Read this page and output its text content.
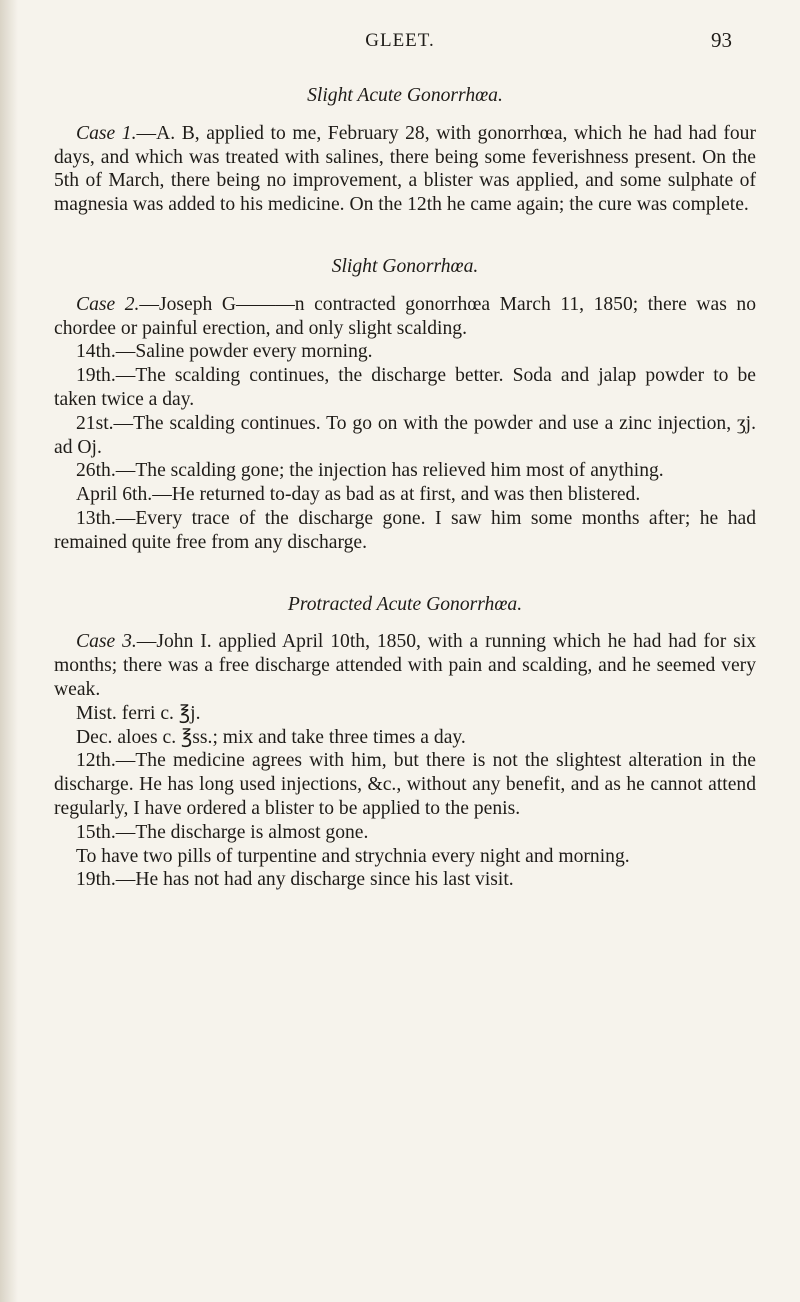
GLEET.	93

Slight Acute Gonorrhœa.

Case 1.—A. B, applied to me, February 28, with gonorrhœa, which he had had four days, and which was treated with salines, there being some feverishness present. On the 5th of March, there being no improvement, a blister was applied, and some sulphate of magnesia was added to his medicine. On the 12th he came again; the cure was complete.

Slight Gonorrhœa.

Case 2.—Joseph G———n contracted gonorrhœa March 11, 1850; there was no chordee or painful erection, and only slight scalding.

14th.—Saline powder every morning.

19th.—The scalding continues, the discharge better. Soda and jalap powder to be taken twice a day.

21st.—The scalding continues. To go on with the powder and use a zinc injection, ʒj. ad Oj.

26th.—The scalding gone; the injection has relieved him most of anything.

April 6th.—He returned to-day as bad as at first, and was then blistered.

13th.—Every trace of the discharge gone. I saw him some months after; he had remained quite free from any discharge.

Protracted Acute Gonorrhœa.

Case 3.—John I. applied April 10th, 1850, with a running which he had had for six months; there was a free discharge attended with pain and scalding, and he seemed very weak.

Mist. ferri c. ℥j.

Dec. aloes c. ℥ss.; mix and take three times a day.

12th.—The medicine agrees with him, but there is not the slightest alteration in the discharge. He has long used injections, &c., without any benefit, and as he cannot attend regularly, I have ordered a blister to be applied to the penis.

15th.—The discharge is almost gone.

To have two pills of turpentine and strychnia every night and morning.

19th.—He has not had any discharge since his last visit.
